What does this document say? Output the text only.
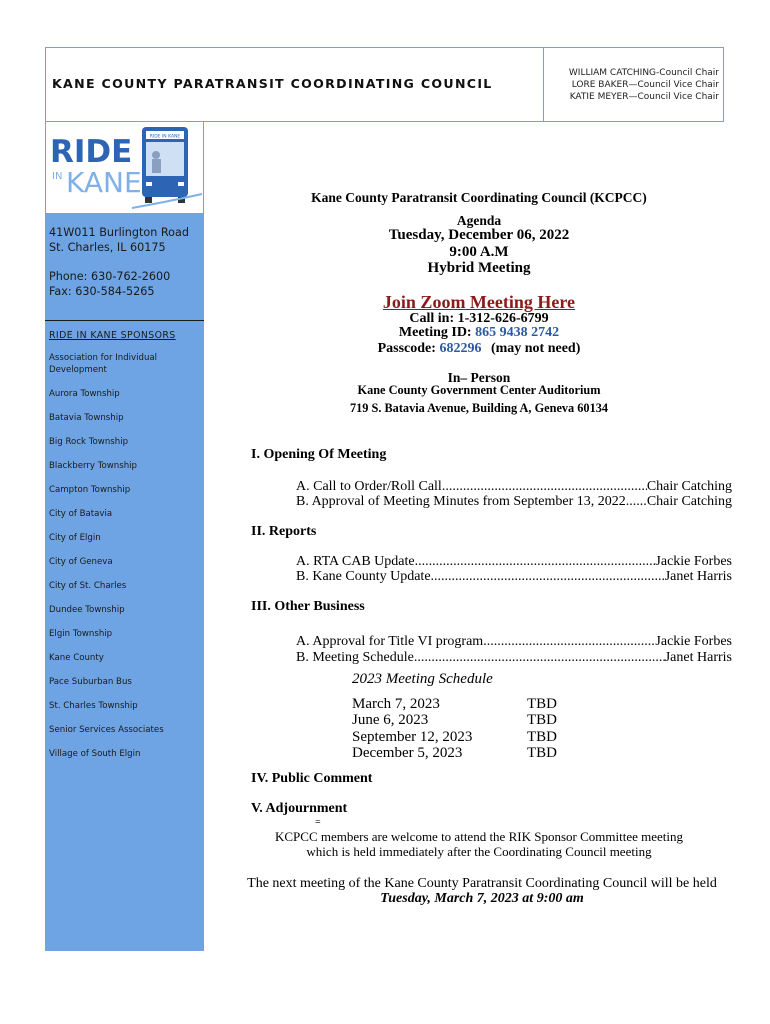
KANE COUNTY PARATRANSIT COORDINATING COUNCIL
WILLIAM CATCHING-Council Chair
LORE BAKER—Council Vice Chair
KATIE MEYER—Council Vice Chair
RIDE
IN KANE
RIDE IN KANE
41W011 Burlington Road
St. Charles, IL 60175
Phone: 630-762-2600
Fax: 630-584-5265
RIDE IN KANE SPONSORS
Association for Individual Development
Aurora Township
Batavia Township
Big Rock Township
Blackberry Township
Campton Township
City of Batavia
City of Elgin
City of Geneva
City of St. Charles
Dundee Township
Elgin Township
Kane County
Pace Suburban Bus
St. Charles Township
Senior Services Associates
Village of South Elgin
Kane County Paratransit Coordinating Council (KCPCC)
Agenda
Tuesday, December 06, 2022
9:00 A.M
Hybrid Meeting
Join Zoom Meeting Here
Call in: 1-312-626-6799
Meeting ID: 865 9438 2742
Passcode: 682296 (may not need)
In– Person
Kane County Government Center Auditorium
719 S. Batavia Avenue, Building A, Geneva 60134
I. Opening Of Meeting
A. Call to Order/Roll Call .....	Chair Catching
B. Approval of Meeting Minutes from September 13, 2022 ..... Chair Catching
II. Reports
A. RTA CAB Update .....	Jackie Forbes
B. Kane County Update .....	Janet Harris
III. Other Business
A. Approval for Title VI program .....	Jackie Forbes
B. Meeting Schedule .....	Janet Harris
2023 Meeting Schedule
March 7, 2023	TBD
June 6, 2023	TBD
September 12, 2023	TBD
December 5, 2023	TBD
IV. Public Comment
V. Adjournment
=
KCPCC members are welcome to attend the RIK Sponsor Committee meeting
which is held immediately after the Coordinating Council meeting
The next meeting of the Kane County Paratransit Coordinating Council will be held
Tuesday, March 7, 2023 at 9:00 am
